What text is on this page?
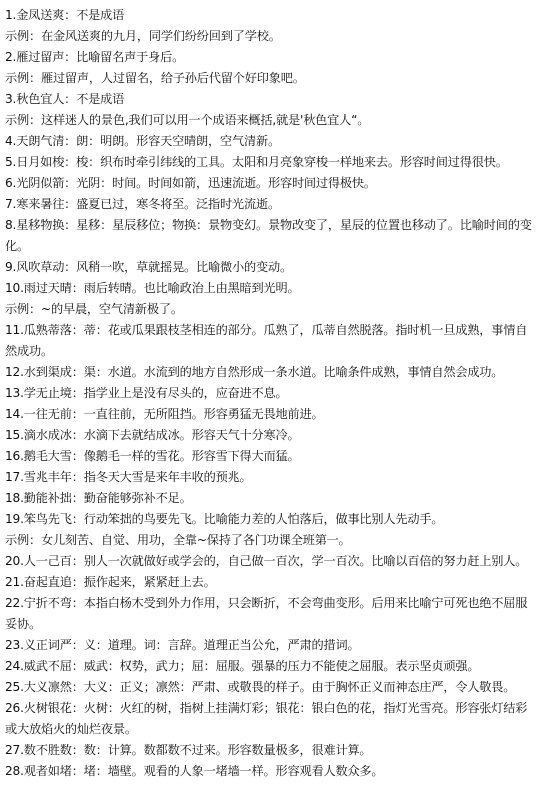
1.金凤送爽：不是成语

示例：在金风送爽的九月，同学们纷纷回到了学校。

2.雁过留声：比喻留名声于身后。

示例：雁过留声，人过留名，给子孙后代留个好印象吧。

3.秋色宜人：不是成语

示例：这样迷人的景色,我们可以用一个成语来概括,就是'秋色宜人“。

4.天朗气清：朗：明朗。形容天空晴朗，空气清新。

5.日月如梭：梭：织布时牵引纬线的工具。太阳和月亮象穿梭一样地来去。形容时间过得很快。

6.光阴似箭：光阴：时间。时间如箭，迅速流逝。形容时间过得极快。

7.寒来暑往：盛夏已过，寒冬将至。泛指时光流逝。

8.星移物换：星移：星辰移位；物换：景物变幻。景物改变了，星辰的位置也移动了。比喻时间的变化。

9.风吹草动：风稍一吹，草就摇晃。比喻微小的变动。

10.雨过天晴：雨后转晴。也比喻政治上由黑暗到光明。

示例：~的早晨，空气清新极了。

11.瓜熟蒂落：蒂：花或瓜果跟枝茎相连的部分。瓜熟了，瓜蒂自然脱落。指时机一旦成熟，事情自然成功。

12.水到渠成：渠：水道。水流到的地方自然形成一条水道。比喻条件成熟，事情自然会成功。

13.学无止境：指学业上是没有尽头的，应奋进不息。

14.一往无前：一直往前，无所阻挡。形容勇猛无畏地前进。

15.滴水成冰：水滴下去就结成冰。形容天气十分寒冷。

16.鹅毛大雪：像鹅毛一样的雪花。形容雪下得大而猛。

17.雪兆丰年：指冬天大雪是来年丰收的预兆。

18.勤能补拙：勤奋能够弥补不足。

19.笨鸟先飞：行动笨拙的鸟要先飞。比喻能力差的人怕落后，做事比别人先动手。

示例：女儿刻苦、自觉、用功，全靠~保持了各门功课全班第一。

20.人一己百：别人一次就做好或学会的，自己做一百次，学一百次。比喻以百倍的努力赶上别人。

21.奋起直追：振作起来，紧紧赶上去。

22.宁折不弯：本指白杨木受到外力作用，只会断折，不会弯曲变形。后用来比喻宁可死也绝不屈服妥协。

23.义正词严：义：道理。词：言辞。道理正当公允，严肃的措词。

24.威武不屈：威武：权势，武力；屈：屈服。强暴的压力不能使之屈服。表示坚贞顽强。

25.大义凛然：大义：正义；凛然：严肃、或敬畏的样子。由于胸怀正义而神态庄严，令人敬畏。

26.火树银花：火树：火红的树，指树上挂满灯彩；银花：银白色的花，指灯光雪亮。形容张灯结彩或大放焰火的灿烂夜景。

27.数不胜数：数：计算。数都数不过来。形容数量极多，很难计算。

28.观者如堵：堵：墙壁。观看的人象一堵墙一样。形容观看人数众多。
